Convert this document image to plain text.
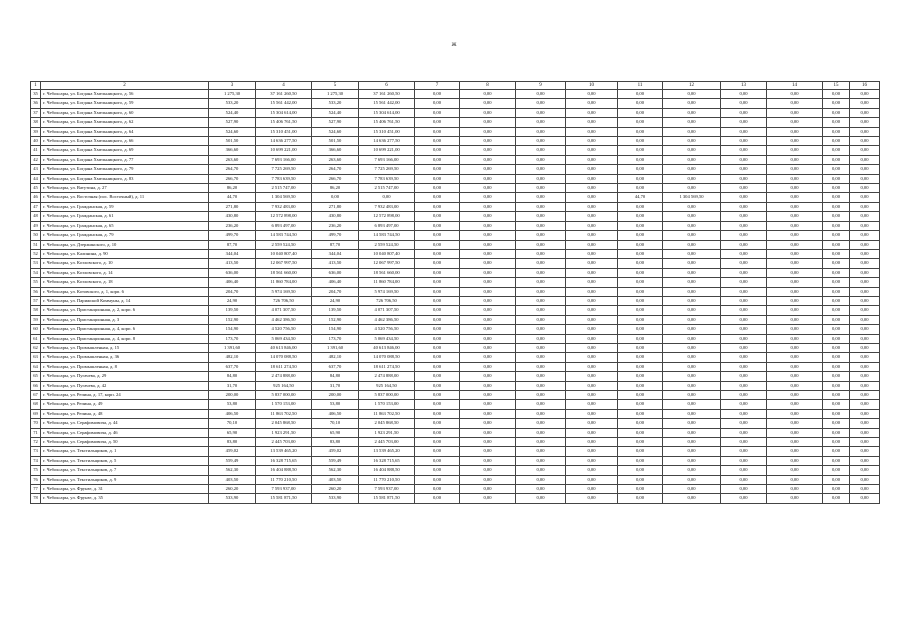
ж
1	2	3	4	5	6	7	8	9	10	11	12	13	14	15	16
35	г. Чебоксары, ул. Богдана Хмельницкого, д. 56	1 275,30	37 161 260,50	1 275,30	37 161 260,50	0,00	0,00	0,00	0,00	0,00	0,00	0,00	0,00	0,00	0,00
36	г. Чебоксары, ул. Богдана Хмельницкого, д. 59	533,20	15 561 442,00	533,20	15 561 442,00	0,00	0,00	0,00	0,00	0,00	0,00	0,00	0,00	0,00	0,00
37	г. Чебоксары, ул. Богдана Хмельницкого, д. 60	524,40	15 304 614,00	524,40	15 304 614,00	0,00	0,00	0,00	0,00	0,00	0,00	0,00	0,00	0,00	0,00
38	г. Чебоксары, ул. Богдана Хмельницкого, д. 62	527,90	15 406 761,50	527,90	15 406 761,50	0,00	0,00	0,00	0,00	0,00	0,00	0,00	0,00	0,00	0,00
39	г. Чебоксары, ул. Богдана Хмельницкого, д. 64	524,60	15 310 451,00	524,60	15 310 451,00	0,00	0,00	0,00	0,00	0,00	0,00	0,00	0,00	0,00	0,00
40	г. Чебоксары, ул. Богдана Хмельницкого, д. 66	501,50	14 636 277,50	501,50	14 636 277,50	0,00	0,00	0,00	0,00	0,00	0,00	0,00	0,00	0,00	0,00
41	г. Чебоксары, ул. Богдана Хмельницкого, д. 69	366,60	10 699 221,00	366,60	10 699 221,00	0,00	0,00	0,00	0,00	0,00	0,00	0,00	0,00	0,00	0,00
42	г. Чебоксары, ул. Богдана Хмельницкого, д. 77	263,60	7 693 166,00	263,60	7 693 166,00	0,00	0,00	0,00	0,00	0,00	0,00	0,00	0,00	0,00	0,00
43	г. Чебоксары, ул. Богдана Хмельницкого, д. 79	264,70	7 725 269,50	264,70	7 725 269,50	0,00	0,00	0,00	0,00	0,00	0,00	0,00	0,00	0,00	0,00
44	г. Чебоксары, ул. Богдана Хмельницкого, д. 83	266,70	7 783 639,50	266,70	7 783 639,50	0,00	0,00	0,00	0,00	0,00	0,00	0,00	0,00	0,00	0,00
45	г. Чебоксары, ул. Ватутина, д. 27	86,20	2 515 747,00	86,20	2 515 747,00	0,00	0,00	0,00	0,00	0,00	0,00	0,00	0,00	0,00	0,00
46	г. Чебоксары, ул. Восточная (пос. Восточный), д. 11	44,70	1 304 569,50	0,00	0,00	0,00	0,00	0,00	0,00	44,70	1 304 569,50	0,00	0,00	0,00	0,00
47	г. Чебоксары, ул. Гражданская, д. 59	271,80	7 932 483,00	271,80	7 932 483,00	0,00	0,00	0,00	0,00	0,00	0,00	0,00	0,00	0,00	0,00
48	г. Чебоксары, ул. Гражданская, д. 61	430,80	12 572 898,00	430,80	12 572 898,00	0,00	0,00	0,00	0,00	0,00	0,00	0,00	0,00	0,00	0,00
49	г. Чебоксары, ул. Гражданская, д. 65	236,20	6 893 497,00	236,20	6 893 497,00	0,00	0,00	0,00	0,00	0,00	0,00	0,00	0,00	0,00	0,00
50	г. Чебоксары, ул. Гражданская, д. 79	499,70	14 583 744,50	499,70	14 583 744,50	0,00	0,00	0,00	0,00	0,00	0,00	0,00	0,00	0,00	0,00
51	г. Чебоксары, ул. Дзержинского, д. 10	87,70	2 559 524,50	87,70	2 559 524,50	0,00	0,00	0,00	0,00	0,00	0,00	0,00	0,00	0,00	0,00
52	г. Чебоксары, ул. Калинина, д. 90	344,04	10 040 807,40	344,04	10 040 807,40	0,00	0,00	0,00	0,00	0,00	0,00	0,00	0,00	0,00	0,00
53	г. Чебоксары, ул. Козловского, д. 10	413,50	12 067 997,50	413,50	12 067 997,50	0,00	0,00	0,00	0,00	0,00	0,00	0,00	0,00	0,00	0,00
54	г. Чебоксары, ул. Козловского, д. 14	636,00	18 561 660,00	636,00	18 561 660,00	0,00	0,00	0,00	0,00	0,00	0,00	0,00	0,00	0,00	0,00
55	г. Чебоксары, ул. Козловского, д. 18	406,40	11 860 784,00	406,40	11 860 784,00	0,00	0,00	0,00	0,00	0,00	0,00	0,00	0,00	0,00	0,00
56	г. Чебоксары, ул. Котовского, д. 1, корп. 6	204,70	5 974 169,50	204,70	5 974 169,50	0,00	0,00	0,00	0,00	0,00	0,00	0,00	0,00	0,00	0,00
57	г. Чебоксары, ул. Парижской Коммуны, д. 14	24,90	726 706,50	24,90	726 706,50	0,00	0,00	0,00	0,00	0,00	0,00	0,00	0,00	0,00	0,00
58	г. Чебоксары, ул. Пристанционная, д. 2, корп. 6	139,50	4 071 307,50	139,50	4 071 307,50	0,00	0,00	0,00	0,00	0,00	0,00	0,00	0,00	0,00	0,00
59	г. Чебоксары, ул. Пристанционная, д. 3	152,90	4 462 386,50	152,90	4 462 386,50	0,00	0,00	0,00	0,00	0,00	0,00	0,00	0,00	0,00	0,00
60	г. Чебоксары, ул. Пристанционная, д. 4, корп. 6	154,90	4 520 756,50	154,90	4 520 756,50	0,00	0,00	0,00	0,00	0,00	0,00	0,00	0,00	0,00	0,00
61	г. Чебоксары, ул. Пристанционная, д. 4, корп. 8	173,70	5 069 434,50	173,70	5 069 434,50	0,00	0,00	0,00	0,00	0,00	0,00	0,00	0,00	0,00	0,00
62	г. Чебоксары, ул. Промышленная, д. 15	1 391,60	40 613 846,00	1 391,60	40 613 846,00	0,00	0,00	0,00	0,00	0,00	0,00	0,00	0,00	0,00	0,00
63	г. Чебоксары, ул. Промышленная, д. 36	482,10	14 070 088,50	482,10	14 070 088,50	0,00	0,00	0,00	0,00	0,00	0,00	0,00	0,00	0,00	0,00
64	г. Чебоксары, ул. Промышленная, д. 8	637,70	18 611 274,50	637,70	18 611 274,50	0,00	0,00	0,00	0,00	0,00	0,00	0,00	0,00	0,00	0,00
65	г. Чебоксары, ул. Пугачева, д. 29	84,80	2 474 888,00	84,80	2 474 888,00	0,00	0,00	0,00	0,00	0,00	0,00	0,00	0,00	0,00	0,00
66	г. Чебоксары, ул. Пугачева, д. 42	31,70	925 164,50	31,70	925 164,50	0,00	0,00	0,00	0,00	0,00	0,00	0,00	0,00	0,00	0,00
67	г. Чебоксары, ул. Репина, д. 17, корп. 24	200,00	5 837 000,00	200,00	5 837 000,00	0,00	0,00	0,00	0,00	0,00	0,00	0,00	0,00	0,00	0,00
68	г. Чебоксары, ул. Репина, д. 49	53,80	1 570 153,00	53,80	1 570 153,00	0,00	0,00	0,00	0,00	0,00	0,00	0,00	0,00	0,00	0,00
69	г. Чебоксары, ул. Репина, д. 48	406,50	11 863 702,50	406,50	11 863 702,50	0,00	0,00	0,00	0,00	0,00	0,00	0,00	0,00	0,00	0,00
70	г. Чебоксары, ул. Серафимовича, д. 44	70,10	2 045 868,50	70,10	2 045 868,50	0,00	0,00	0,00	0,00	0,00	0,00	0,00	0,00	0,00	0,00
71	г. Чебоксары, ул. Серафимовича, д. 46	65,90	1 923 291,50	65,90	1 923 291,50	0,00	0,00	0,00	0,00	0,00	0,00	0,00	0,00	0,00	0,00
72	г. Чебоксары, ул. Серафимовича, д. 50	83,80	2 445 703,00	83,80	2 445 703,00	0,00	0,00	0,00	0,00	0,00	0,00	0,00	0,00	0,00	0,00
73	г. Чебоксары, ул. Текстильщиков, д. 1	459,02	13 539 465,20	459,02	13 539 465,20	0,00	0,00	0,00	0,00	0,00	0,00	0,00	0,00	0,00	0,00
74	г. Чебоксары, ул. Текстильщиков, д. 5	559,49	16 328 715,65	559,49	16 328 715,65	0,00	0,00	0,00	0,00	0,00	0,00	0,00	0,00	0,00	0,00
75	г. Чебоксары, ул. Текстильщиков, д. 7	562,30	16 404 888,50	562,30	16 404 888,50	0,00	0,00	0,00	0,00	0,00	0,00	0,00	0,00	0,00	0,00
76	г. Чебоксары, ул. Текстильщиков, д. 9	403,50	11 770 210,50	403,50	11 770 210,50	0,00	0,00	0,00	0,00	0,00	0,00	0,00	0,00	0,00	0,00
77	г. Чебоксары, ул. Фрунзе, д. 31	260,20	7 593 937,00	260,20	7 593 937,00	0,00	0,00	0,00	0,00	0,00	0,00	0,00	0,00	0,00	0,00
78	г. Чебоксары, ул. Фрунзе, д. 35	533,90	15 581 871,50	533,90	15 581 871,50	0,00	0,00	0,00	0,00	0,00	0,00	0,00	0,00	0,00	0,00
